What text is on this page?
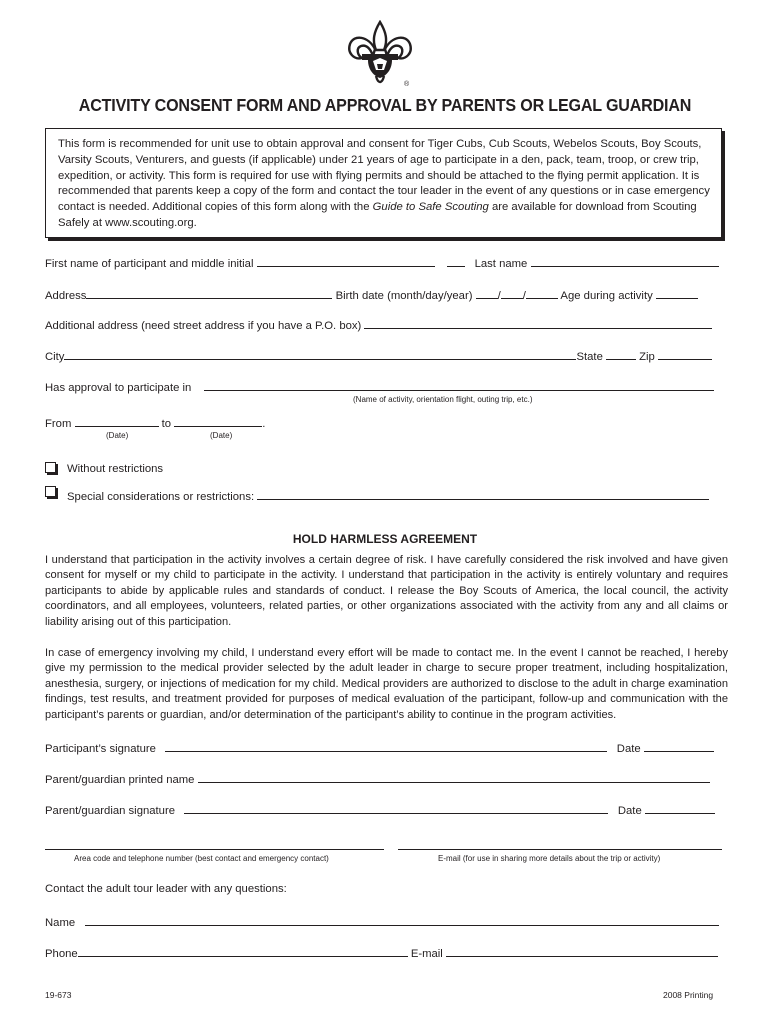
®
ACTIVITY CONSENT FORM AND APPROVAL BY PARENTS OR LEGAL GUARDIAN
This form is recommended for unit use to obtain approval and consent for Tiger Cubs, Cub Scouts, Webelos Scouts, Boy Scouts, Varsity Scouts, Venturers, and guests (if applicable) under 21 years of age to participate in a den, pack, team, troop, or crew trip, expedition, or activity. This form is required for use with flying permits and should be attached to the flying permit application. It is recommended that parents keep a copy of the form and contact the tour leader in the event of any questions or in case emergency contact is needed. Additional copies of this form along with the Guide to Safe Scouting are available for download from Scouting Safely at www.scouting.org.
First name of participant and middle initial	Last name
Address	Birth date (month/day/year) / /	Age during activity
Additional address (need street address if you have a P.O. box)
City	State	Zip
Has approval to participate in
(Name of activity, orientation flight, outing trip, etc.)
From	to	.
(Date)	(Date)
Without restrictions
Special considerations or restrictions:
HOLD HARMLESS AGREEMENT
I understand that participation in the activity involves a certain degree of risk. I have carefully considered the risk involved and have given consent for myself or my child to participate in the activity. I understand that participation in the activity is entirely voluntary and requires participants to abide by applicable rules and standards of conduct. I release the Boy Scouts of America, the local council, the activity coordinators, and all employees, volunteers, related parties, or other organizations associated with the activity from any and all claims or liability arising out of this participation.
In case of emergency involving my child, I understand every effort will be made to contact me. In the event I cannot be reached, I hereby give my permission to the medical provider selected by the adult leader in charge to secure proper treatment, including hospitalization, anesthesia, surgery, or injections of medication for my child. Medical providers are authorized to disclose to the adult in charge examination findings, test results, and treatment provided for purposes of medical evaluation of the participant, follow-up and communication with the participant’s parents or guardian, and/or determination of the participant’s ability to continue in the program activities.
Participant’s signature	Date
Parent/guardian printed name
Parent/guardian signature	Date
Area code and telephone number (best contact and emergency contact)	E-mail (for use in sharing more details about the trip or activity)
Contact the adult tour leader with any questions:
Name
Phone	E-mail
19-673	2008 Printing
